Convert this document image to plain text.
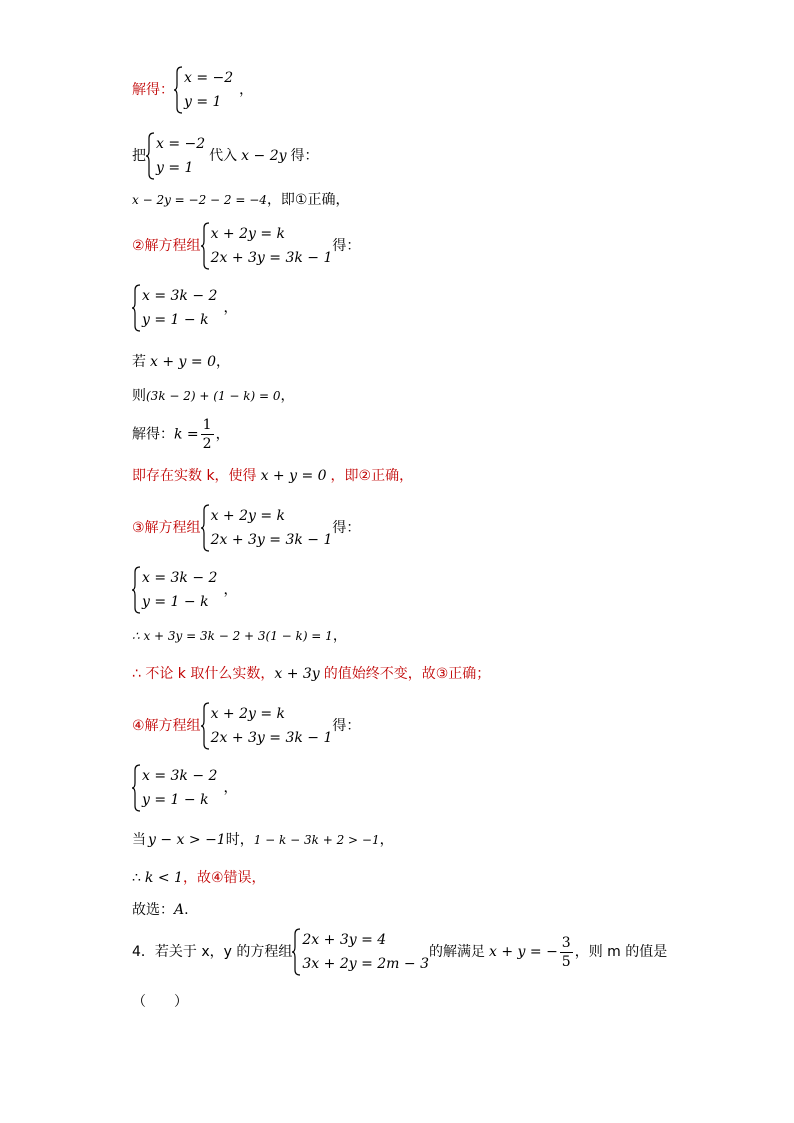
解得：
x = −2
y = 1
，
把
x = −2
y = 1
代入 x − 2y 得：
x − 2y = −2 − 2 = −4，即①正确，
②解方程组
x + 2y = k
2x + 3y = 3k − 1
得：
x = 3k − 2
y = 1 − k
，
若 x + y = 0，
则(3k − 2) + (1 − k) = 0，
解得：$k = \frac{1}{2}$ ，
即存在实数 k，使得 x + y = 0 ，即②正确，
③解方程组
x + 2y = k
2x + 3y = 3k − 1
得：
x = 3k − 2
y = 1 − k
，
∴ x + 3y = 3k − 2 + 3(1 − k) = 1，
∴ 不论 k 取什么实数，x + 3y 的值始终不变，故③正确；
④解方程组
x + 2y = k
2x + 3y = 3k − 1
得：
x = 3k − 2
y = 1 − k
，
当 y − x > −1时，1 − k − 3k + 2 > −1，
∴ k < 1，故④错误，
故选：A.
4．若关于 x，y 的方程组
2x + 3y = 4
3x + 2y = 2m − 3
的解满足 x + y = − $\frac{3}{5}$ ，则 m 的值是
（　　）
